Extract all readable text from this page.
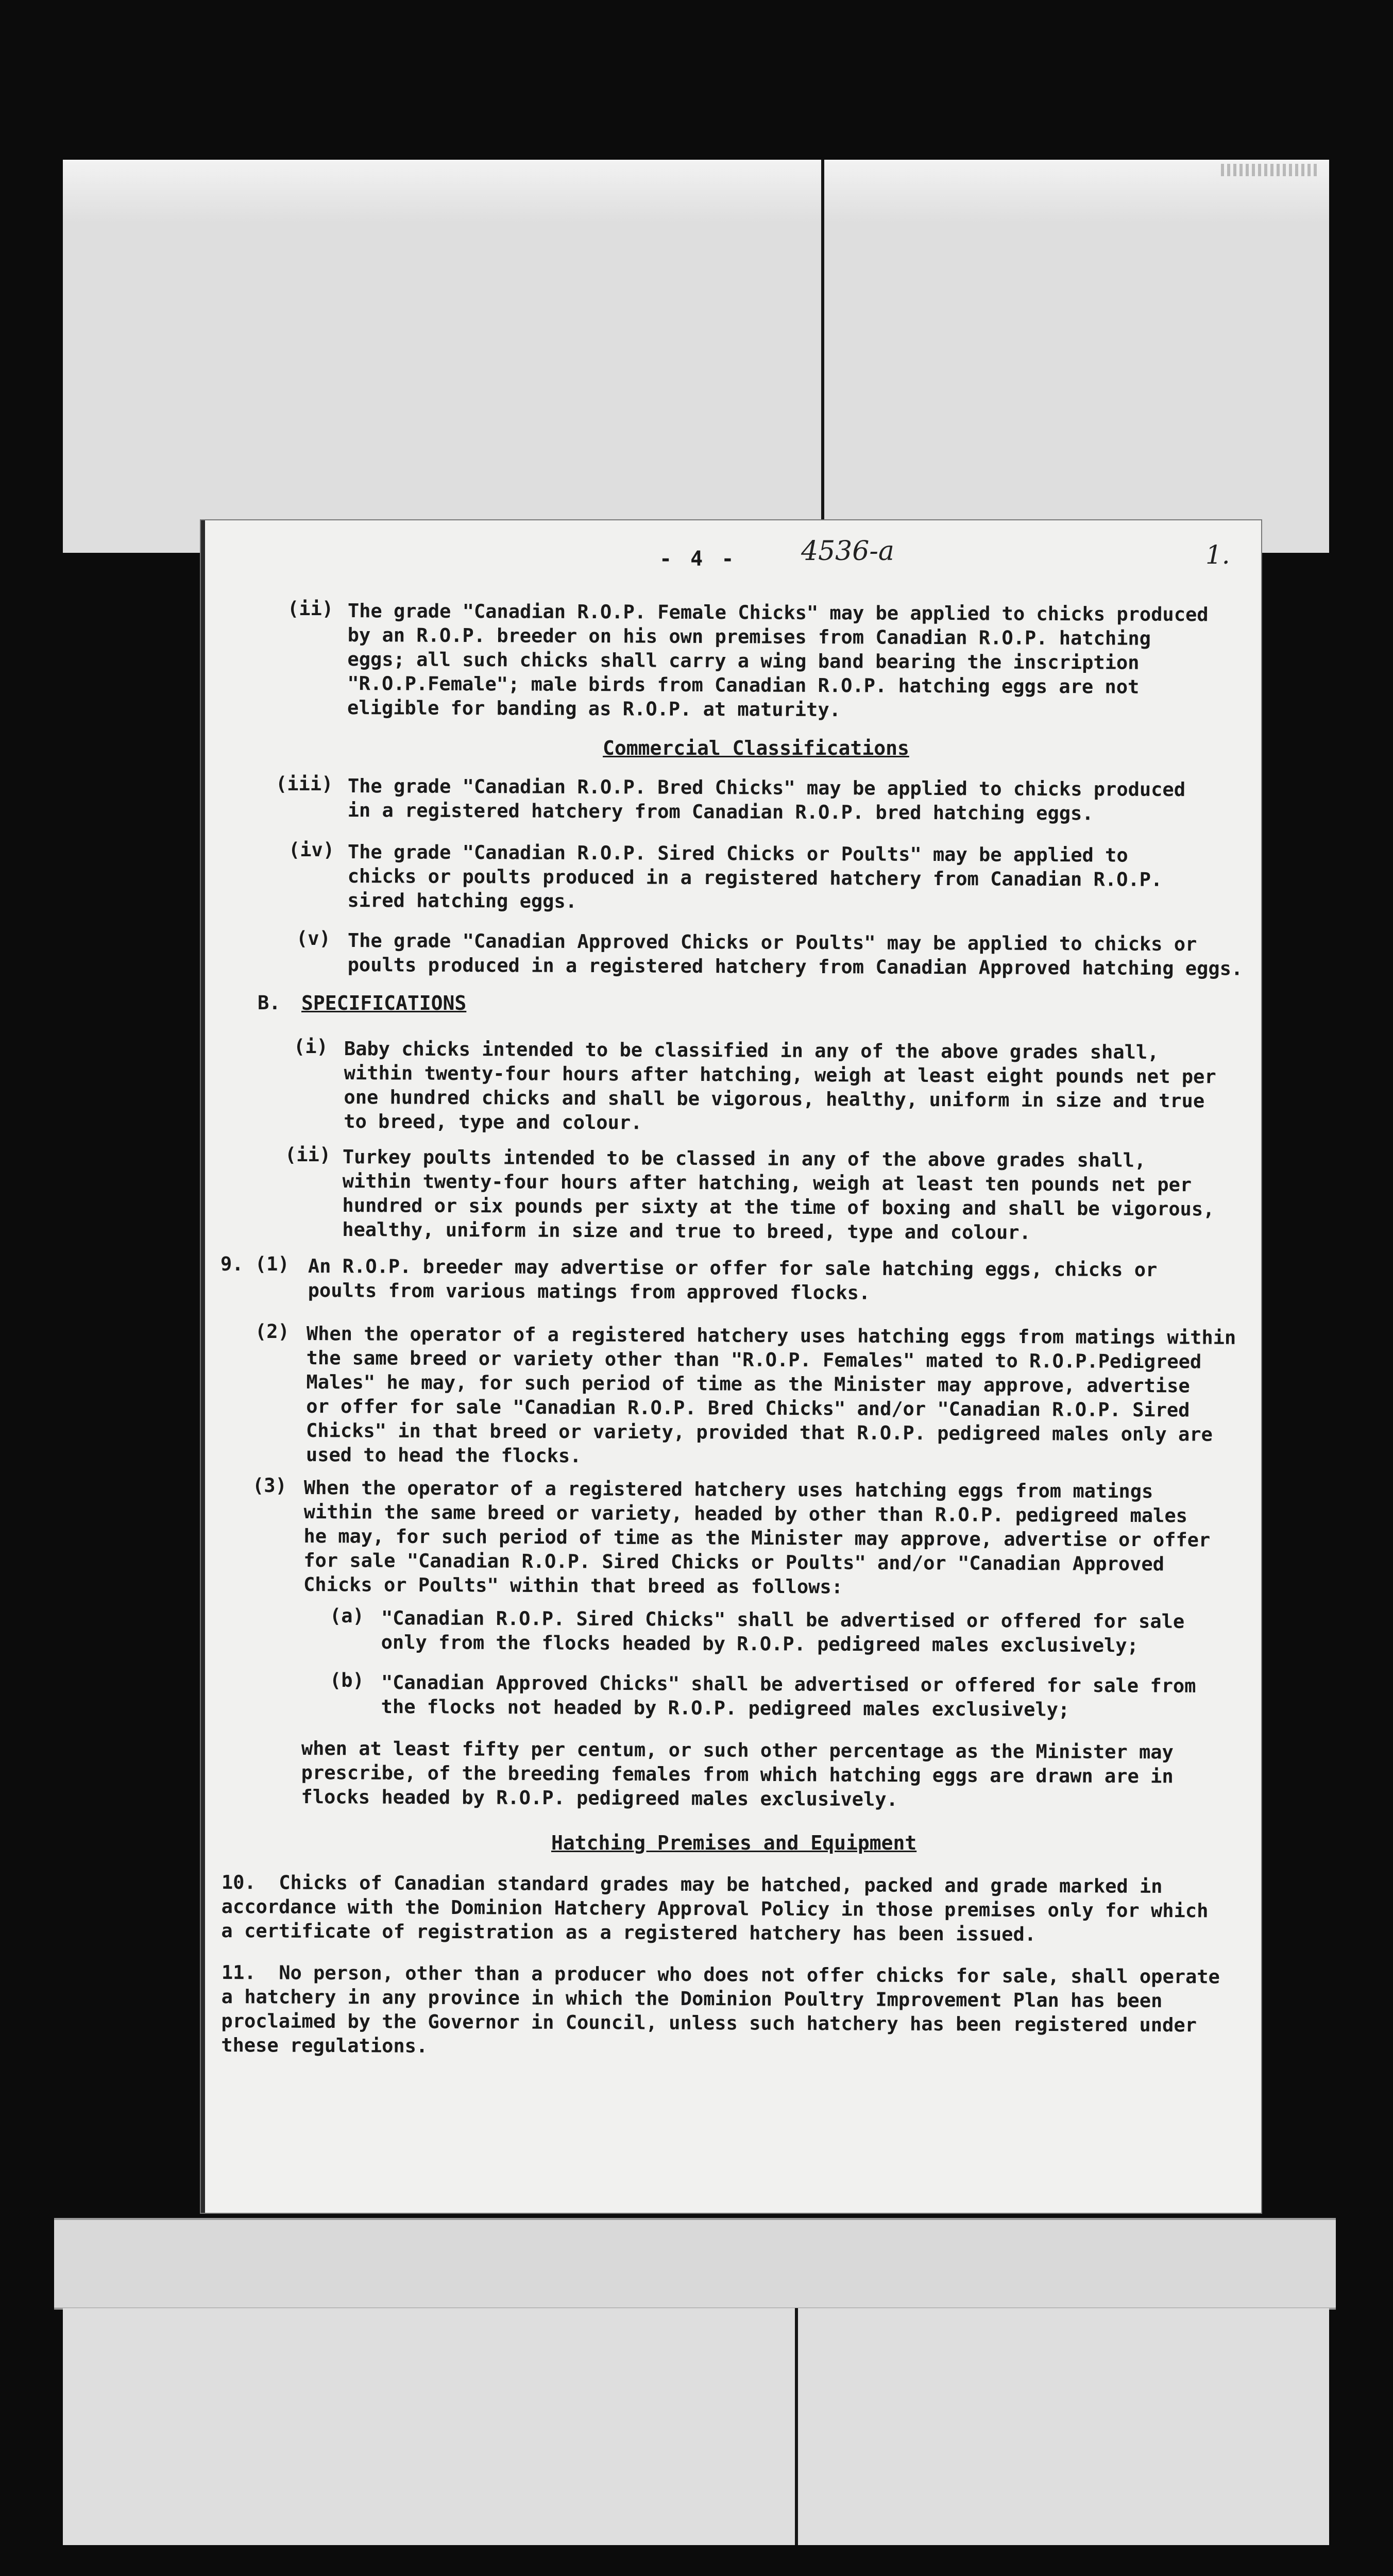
- 4 - 4536-a	1.
(ii) The grade "Canadian R.O.P. Female Chicks" may be applied to chicks produced
by an R.O.P. breeder on his own premises from Canadian R.O.P. hatching
eggs; all such chicks shall carry a wing band bearing the inscription
"R.O.P.Female"; male birds from Canadian R.O.P. hatching eggs are not
eligible for banding as R.O.P. at maturity.
Commercial Classifications
(iii) The grade "Canadian R.O.P. Bred Chicks" may be applied to chicks produced
in a registered hatchery from Canadian R.O.P. bred hatching eggs.
(iv) The grade "Canadian R.O.P. Sired Chicks or Poults" may be applied to
chicks or poults produced in a registered hatchery from Canadian R.O.P.
sired hatching eggs.
(v) The grade "Canadian Approved Chicks or Poults" may be applied to chicks or
poults produced in a registered hatchery from Canadian Approved hatching eggs.
B. SPECIFICATIONS
(i) Baby chicks intended to be classified in any of the above grades shall,
within twenty-four hours after hatching, weigh at least eight pounds net per
one hundred chicks and shall be vigorous, healthy, uniform in size and true
to breed, type and colour.
(ii) Turkey poults intended to be classed in any of the above grades shall,
within twenty-four hours after hatching, weigh at least ten pounds net per
hundred or six pounds per sixty at the time of boxing and shall be vigorous,
healthy, uniform in size and true to breed, type and colour.
9. (1) An R.O.P. breeder may advertise or offer for sale hatching eggs, chicks or
poults from various matings from approved flocks.
(2) When the operator of a registered hatchery uses hatching eggs from matings within
the same breed or variety other than "R.O.P. Females" mated to R.O.P.Pedigreed
Males" he may, for such period of time as the Minister may approve, advertise
or offer for sale "Canadian R.O.P. Bred Chicks" and/or "Canadian R.O.P. Sired
Chicks" in that breed or variety, provided that R.O.P. pedigreed males only are
used to head the flocks.
(3) When the operator of a registered hatchery uses hatching eggs from matings
within the same breed or variety, headed by other than R.O.P. pedigreed males
he may, for such period of time as the Minister may approve, advertise or offer
for sale "Canadian R.O.P. Sired Chicks or Poults" and/or "Canadian Approved
Chicks or Poults" within that breed as follows:
(a) "Canadian R.O.P. Sired Chicks" shall be advertised or offered for sale
only from the flocks headed by R.O.P. pedigreed males exclusively;
(b) "Canadian Approved Chicks" shall be advertised or offered for sale from
the flocks not headed by R.O.P. pedigreed males exclusively;
when at least fifty per centum, or such other percentage as the Minister may
prescribe, of the breeding females from which hatching eggs are drawn are in
flocks headed by R.O.P. pedigreed males exclusively.
Hatching Premises and Equipment
10.  Chicks of Canadian standard grades may be hatched, packed and grade marked in
accordance with the Dominion Hatchery Approval Policy in those premises only for which
a certificate of registration as a registered hatchery has been issued.
11.  No person, other than a producer who does not offer chicks for sale, shall operate
a hatchery in any province in which the Dominion Poultry Improvement Plan has been
proclaimed by the Governor in Council, unless such hatchery has been registered under
these regulations.
